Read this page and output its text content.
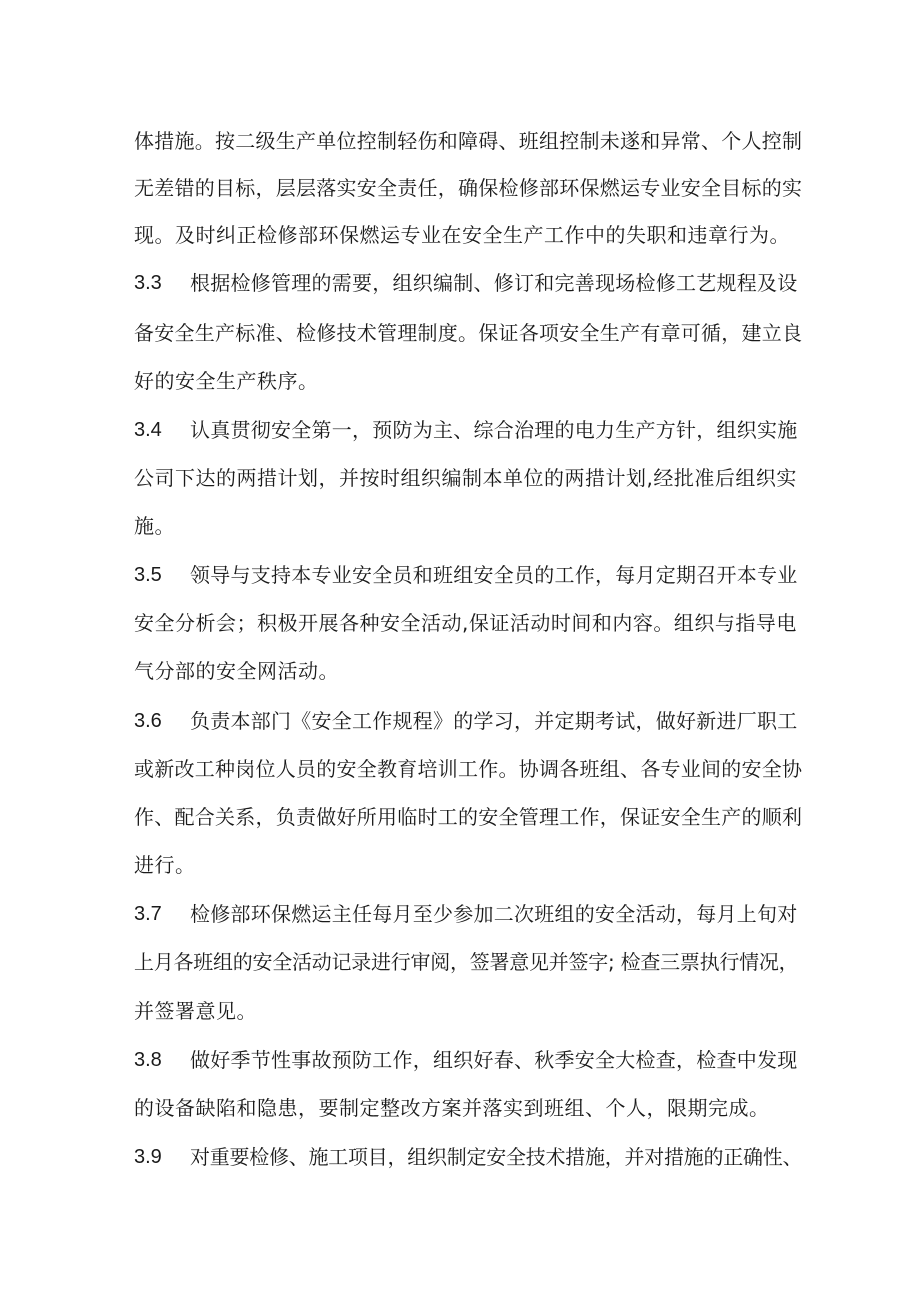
体措施。按二级生产单位控制轻伤和障碍、班组控制未遂和异常、个人控制
无差错的目标，层层落实安全责任，确保检修部环保燃运专业安全目标的实
现。及时纠正检修部环保燃运专业在安全生产工作中的失职和违章行为。
3.3 根据检修管理的需要，组织编制、修订和完善现场检修工艺规程及设
备安全生产标准、检修技术管理制度。保证各项安全生产有章可循，建立良
好的安全生产秩序。
3.4 认真贯彻安全第一，预防为主、综合治理的电力生产方针，组织实施
公司下达的两措计划，并按时组织编制本单位的两措计划,经批准后组织实
施。
3.5 领导与支持本专业安全员和班组安全员的工作，每月定期召开本专业
安全分析会；积极开展各种安全活动,保证活动时间和内容。组织与指导电
气分部的安全网活动。
3.6 负责本部门《安全工作规程》的学习，并定期考试，做好新进厂职工
或新改工种岗位人员的安全教育培训工作。协调各班组、各专业间的安全协
作、配合关系，负责做好所用临时工的安全管理工作，保证安全生产的顺利
进行。
3.7 检修部环保燃运主任每月至少参加二次班组的安全活动，每月上旬对
上月各班组的安全活动记录进行审阅，签署意见并签字; 检查三票执行情况，
并签署意见。
3.8 做好季节性事故预防工作，组织好春、秋季安全大检查，检查中发现
的设备缺陷和隐患，要制定整改方案并落实到班组、个人，限期完成。
3.9 对重要检修、施工项目，组织制定安全技术措施，并对措施的正确性、
